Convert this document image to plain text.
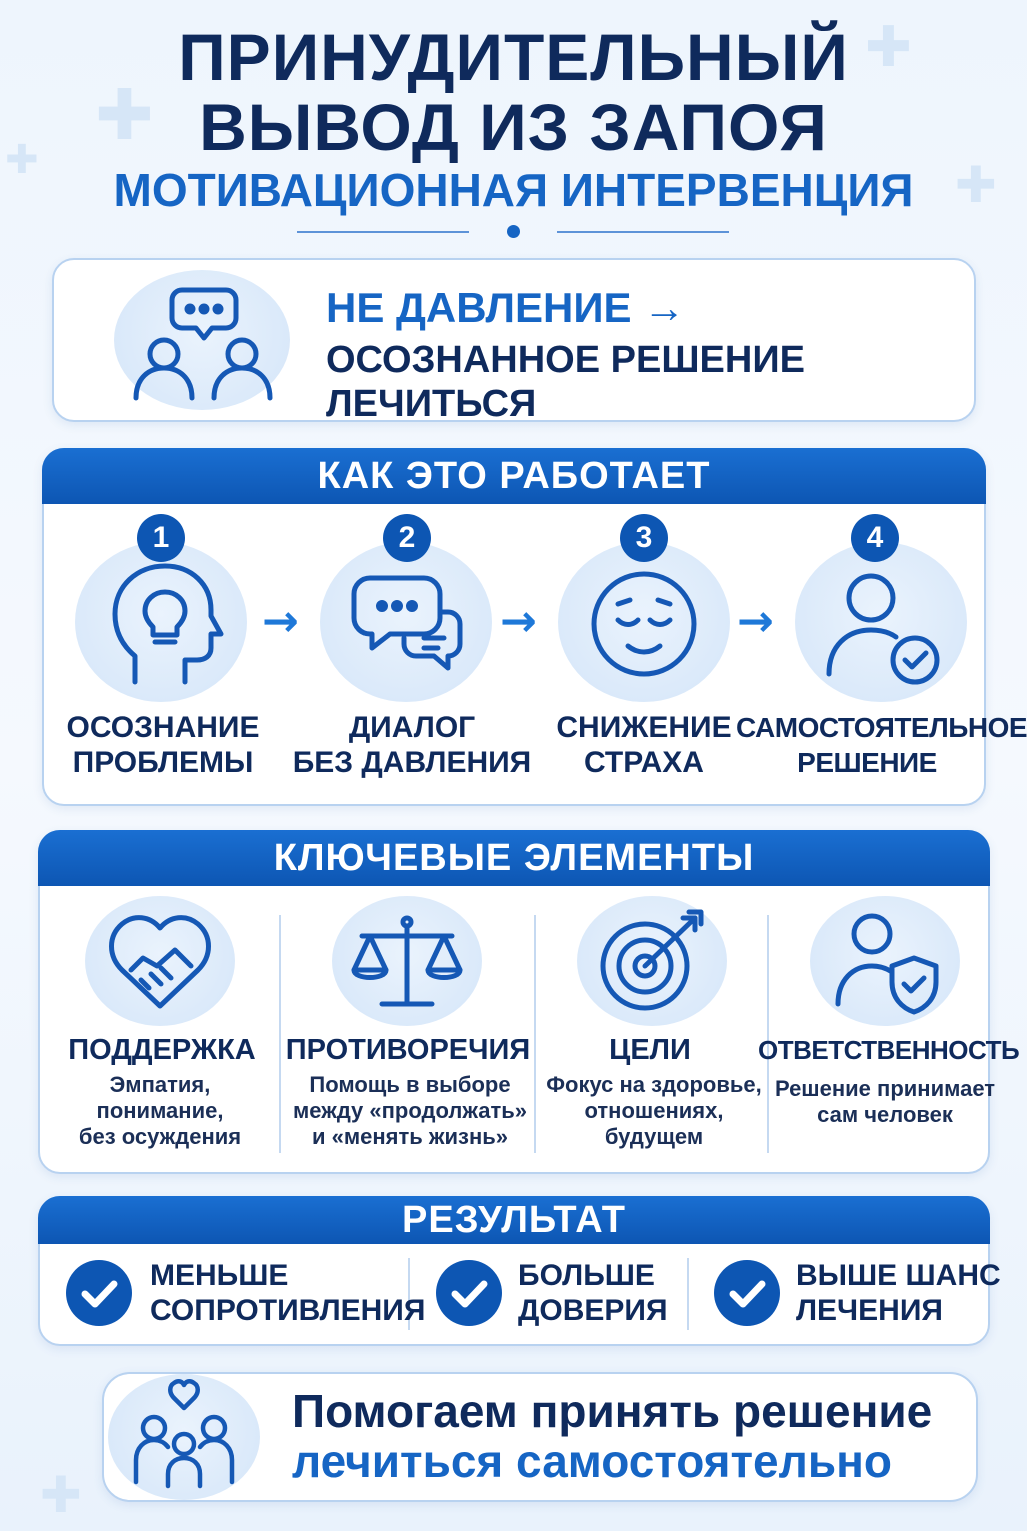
✚
✚
✚
✚
✚
ПРИНУДИТЕЛЬНЫЙ
ВЫВОД ИЗ ЗАПОЯ
МОТИВАЦИОННАЯ ИНТЕРВЕНЦИЯ
НЕ ДАВЛЕНИЕ →
ОСОЗНАННОЕ РЕШЕНИЕ ЛЕЧИТЬСЯ
КАК ЭТО РАБОТАЕТ
1
ОСОЗНАНИЕ
ПРОБЛЕМЫ
→
2
ДИАЛОГ
БЕЗ ДАВЛЕНИЯ
→
3
СНИЖЕНИЕ
СТРАХА
→
4
САМОСТОЯТЕЛЬНОЕ
РЕШЕНИЕ
КЛЮЧЕВЫЕ ЭЛЕМЕНТЫ
ПОДДЕРЖКА
Эмпатия,
понимание,
без осуждения
ПРОТИВОРЕЧИЯ
Помощь в выборе
между «продолжать»
и «менять жизнь»
ЦЕЛИ
Фокус на здоровье,
отношениях,
будущем
ОТВЕТСТВЕННОСТЬ
Решение принимает
сам человек
РЕЗУЛЬТАТ
МЕНЬШЕ
СОПРОТИВЛЕНИЯ
БОЛЬШЕ
ДОВЕРИЯ
ВЫШЕ ШАНС
ЛЕЧЕНИЯ
Помогаем принять решение
лечиться самостоятельно
